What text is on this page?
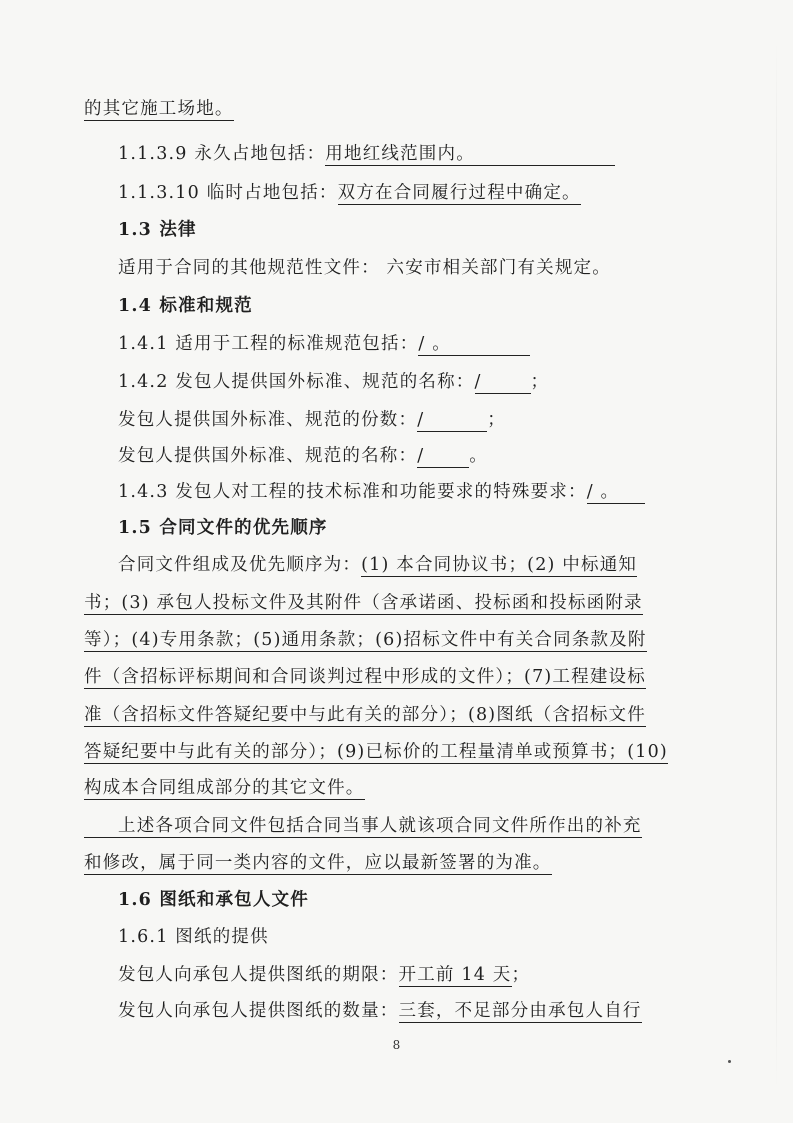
的其它施工场地。
1.1.3.9 永久占地包括：用地红线范围内。
1.1.3.10 临时占地包括：双方在合同履行过程中确定。
1.3 法律
适用于合同的其他规范性文件： 六安市相关部门有关规定。
1.4 标准和规范
1.4.1 适用于工程的标准规范包括：/ 。
1.4.2 发包人提供国外标准、规范的名称：/	；
发包人提供国外标准、规范的份数：/	；
发包人提供国外标准、规范的名称：/	。
1.4.3 发包人对工程的技术标准和功能要求的特殊要求：/ 。
1.5 合同文件的优先顺序
合同文件组成及优先顺序为：(1) 本合同协议书；(2) 中标通知
书；(3) 承包人投标文件及其附件（含承诺函、投标函和投标函附录
等）；(4)专用条款；(5)通用条款；(6)招标文件中有关合同条款及附
件（含招标评标期间和合同谈判过程中形成的文件）；(7)工程建设标
准（含招标文件答疑纪要中与此有关的部分）；(8)图纸（含招标文件
答疑纪要中与此有关的部分）；(9)已标价的工程量清单或预算书；(10)
构成本合同组成部分的其它文件。
上述各项合同文件包括合同当事人就该项合同文件所作出的补充
和修改，属于同一类内容的文件，应以最新签署的为准。
1.6 图纸和承包人文件
1.6.1 图纸的提供
发包人向承包人提供图纸的期限：开工前 14 天；
发包人向承包人提供图纸的数量：三套，不足部分由承包人自行
8
